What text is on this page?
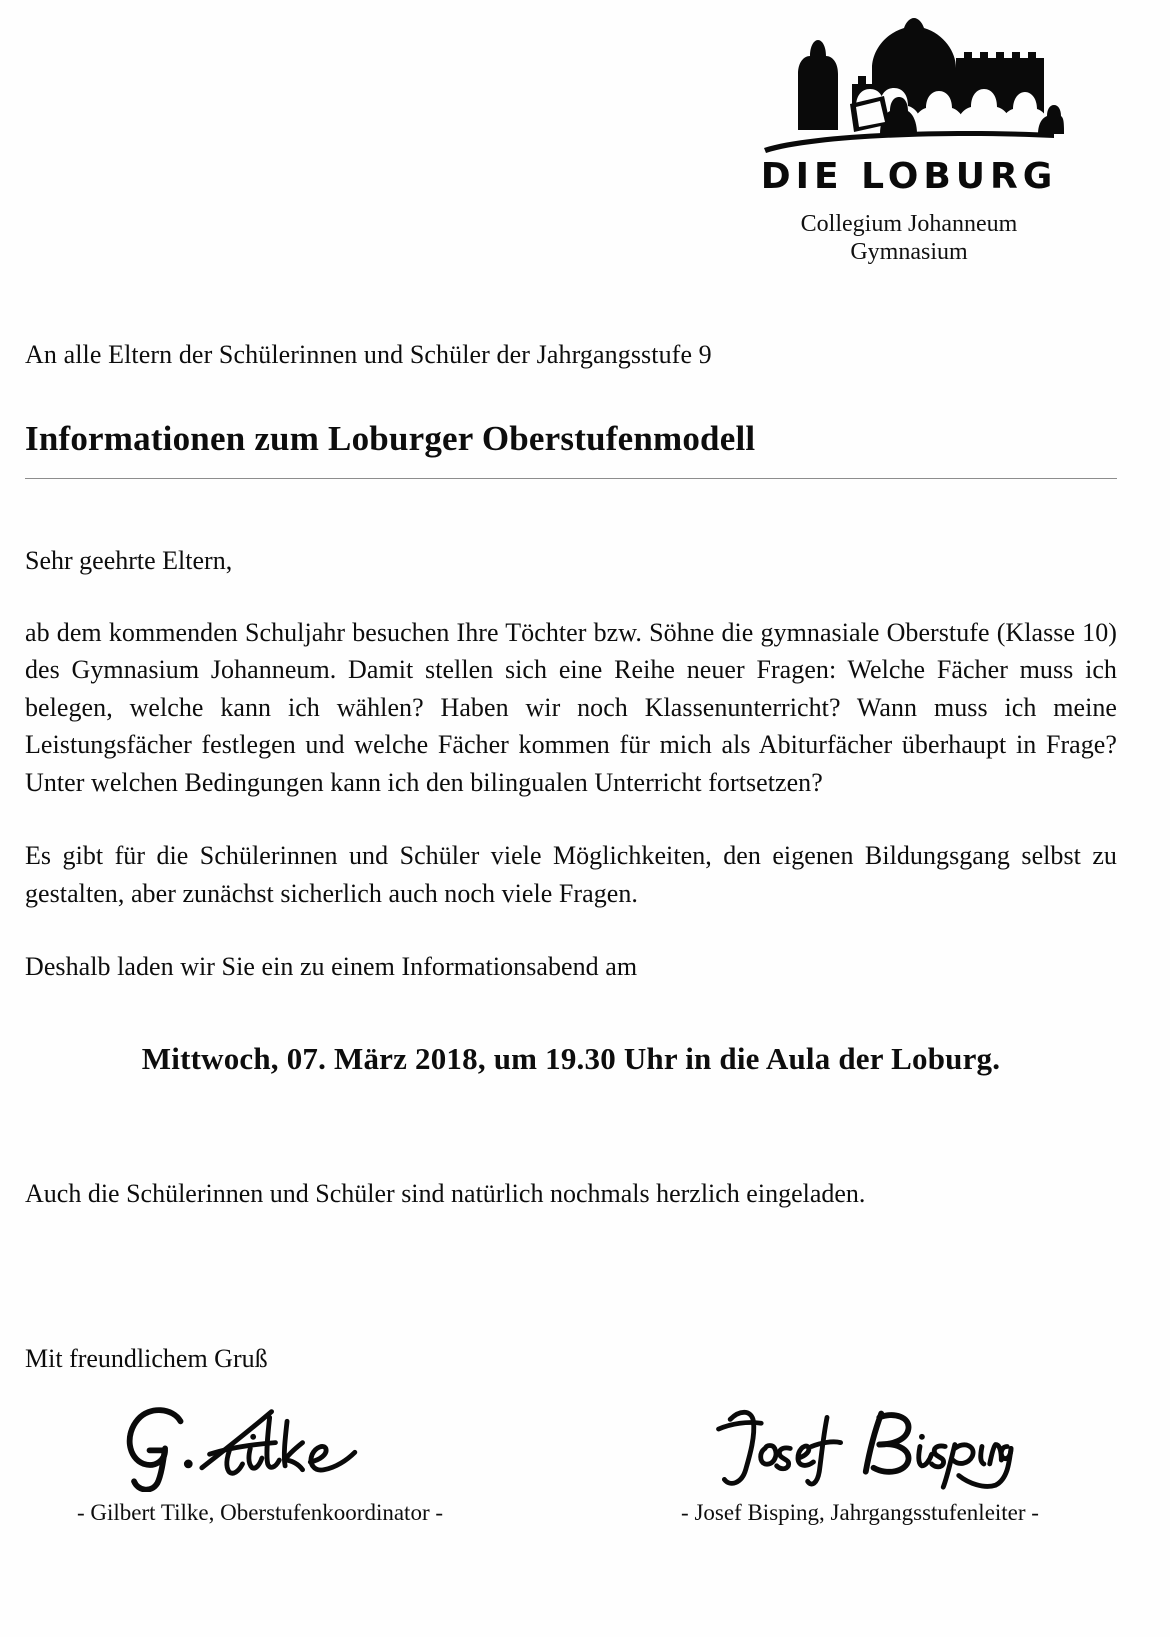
DIE LOBURG
Collegium Johanneum
Gymnasium

An alle Eltern der Schülerinnen und Schüler der Jahrgangsstufe 9

Informationen zum Loburger Oberstufenmodell

Sehr geehrte Eltern,

ab dem kommenden Schuljahr besuchen Ihre Töchter bzw. Söhne die gymnasiale Oberstufe (Klasse 10) des Gymnasium Johanneum. Damit stellen sich eine Reihe neuer Fragen: Welche Fächer muss ich belegen, welche kann ich wählen? Haben wir noch Klassenunterricht? Wann muss ich meine Leistungsfächer festlegen und welche Fächer kommen für mich als Abiturfächer überhaupt in Frage? Unter welchen Bedingungen kann ich den bilingualen Unterricht fortsetzen?

Es gibt für die Schülerinnen und Schüler viele Möglichkeiten, den eigenen Bildungsgang selbst zu gestalten, aber zunächst sicherlich auch noch viele Fragen.

Deshalb laden wir Sie ein zu einem Informationsabend am

Mittwoch, 07. März 2018, um 19.30 Uhr in die Aula der Loburg.

Auch die Schülerinnen und Schüler sind natürlich nochmals herzlich eingeladen.

Mit freundlichem Gruß

- Gilbert Tilke, Oberstufenkoordinator -	- Josef Bisping, Jahrgangsstufenleiter -
